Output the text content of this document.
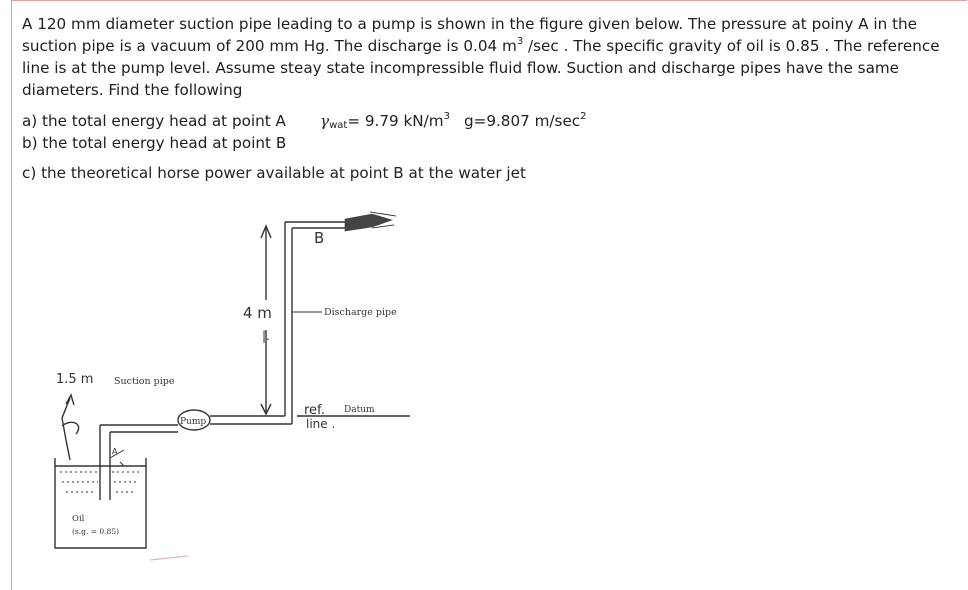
A 120 mm diameter suction pipe leading to a pump is shown in the figure given below. The pressure at poiny A in the suction pipe is a vacuum of 200 mm Hg. The discharge is 0.04 $m^3$ /sec . The specific gravity of oil is 0.85 . The reference line is at the pump level. Assume steay state incompressible fluid flow. Suction and discharge pipes have the same diameters. Find the following

a) the total energy head at point A
b) the total energy head at point B
$\gamma_{wat}= 9.79$ $kN/m^3$ g=9.807 $m/\sec^2$
c) the theoretical horse power available at point B at the water jet
B
4 m
|.
Discharge pipe
1.5 m Suction pipe
Pump
Datum
ref.
line .
A
Oil
(s.g. = 0.85)
